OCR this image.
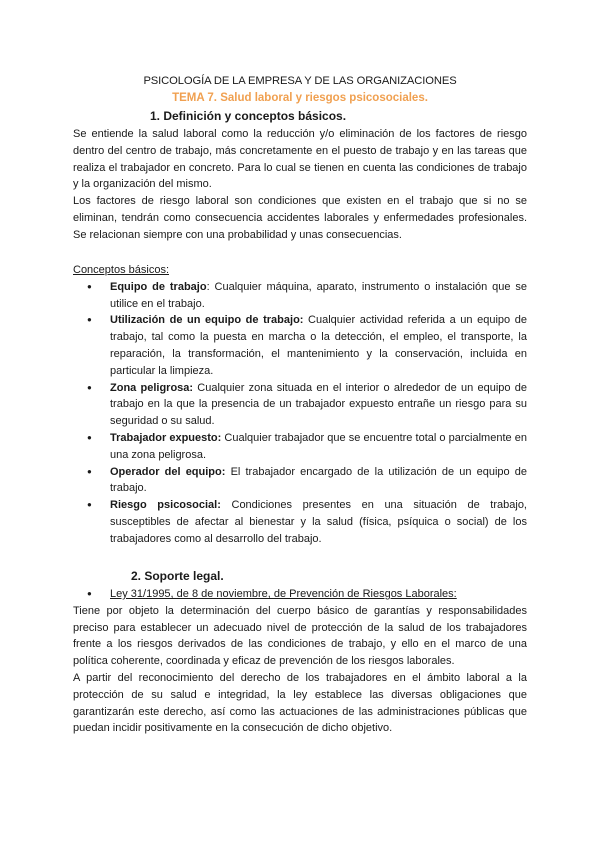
PSICOLOGÍA DE LA EMPRESA Y DE LAS ORGANIZACIONES
TEMA 7. Salud laboral y riesgos psicosociales.
1. Definición y conceptos básicos.

Se entiende la salud laboral como la reducción y/o eliminación de los factores de riesgo dentro del centro de trabajo, más concretamente en el puesto de trabajo y en las tareas que realiza el trabajador en concreto. Para lo cual se tienen en cuenta las condiciones de trabajo y la organización del mismo.

Los factores de riesgo laboral son condiciones que existen en el trabajo que si no se eliminan, tendrán como consecuencia accidentes laborales y enfermedades profesionales. Se relacionan siempre con una probabilidad y unas consecuencias.

Conceptos básicos:
● Equipo de trabajo: Cualquier máquina, aparato, instrumento o instalación que se utilice en el trabajo.
● Utilización de un equipo de trabajo: Cualquier actividad referida a un equipo de trabajo, tal como la puesta en marcha o la detección, el empleo, el transporte, la reparación, la transformación, el mantenimiento y la conservación, incluida en particular la limpieza.
● Zona peligrosa: Cualquier zona situada en el interior o alrededor de un equipo de trabajo en la que la presencia de un trabajador expuesto entrañe un riesgo para su seguridad o su salud.
● Trabajador expuesto: Cualquier trabajador que se encuentre total o parcialmente en una zona peligrosa.
● Operador del equipo: El trabajador encargado de la utilización de un equipo de trabajo.
● Riesgo psicosocial: Condiciones presentes en una situación de trabajo, susceptibles de afectar al bienestar y la salud (física, psíquica o social) de los trabajadores como al desarrollo del trabajo.
2. Soporte legal.
● Ley 31/1995, de 8 de noviembre, de Prevención de Riesgos Laborales:

Tiene por objeto la determinación del cuerpo básico de garantías y responsabilidades preciso para establecer un adecuado nivel de protección de la salud de los trabajadores frente a los riesgos derivados de las condiciones de trabajo, y ello en el marco de una política coherente, coordinada y eficaz de prevención de los riesgos laborales.

A partir del reconocimiento del derecho de los trabajadores en el ámbito laboral a la protección de su salud e integridad, la ley establece las diversas obligaciones que garantizarán este derecho, así como las actuaciones de las administraciones públicas que puedan incidir positivamente en la consecución de dicho objetivo.
